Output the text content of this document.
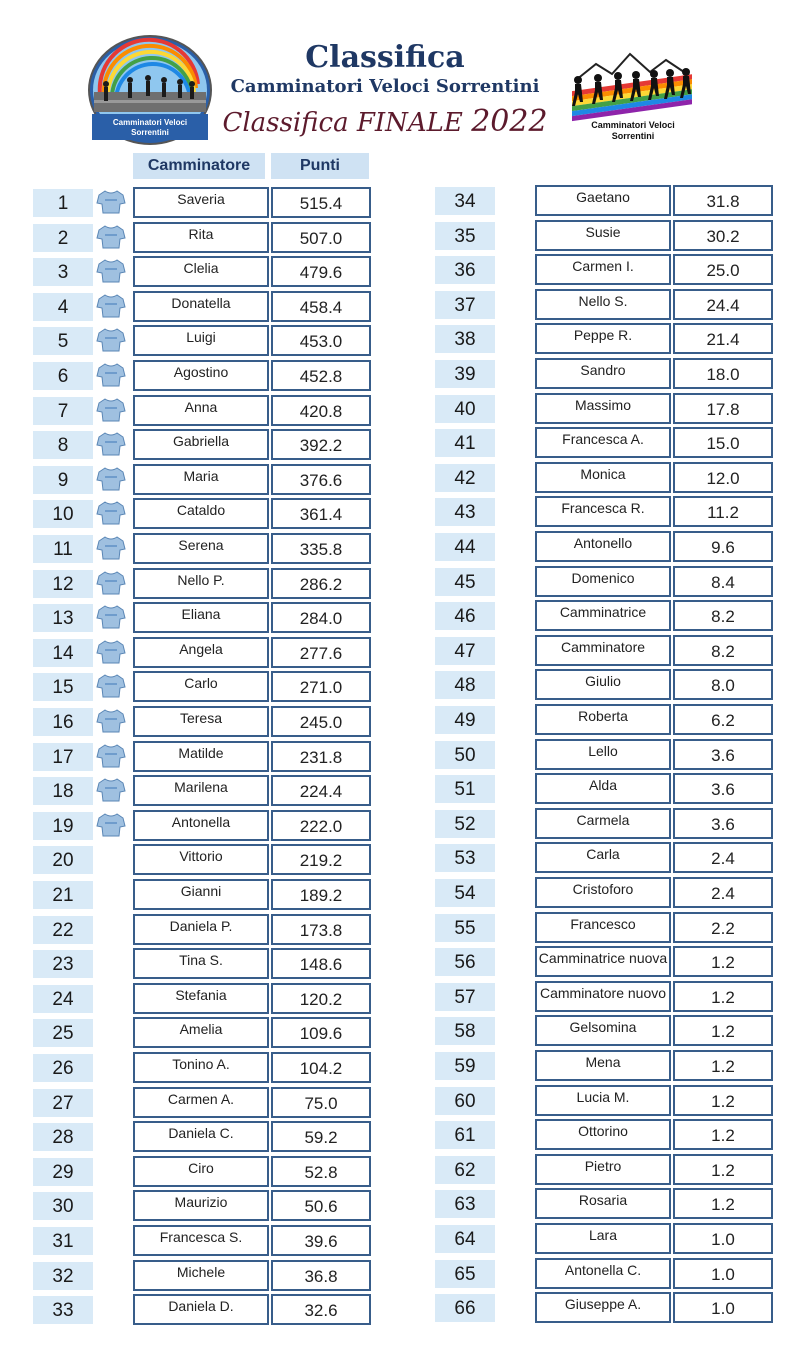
Camminatori Veloci
Sorrentini
Classifica
Camminatori Veloci Sorrentini
Classifica FINALE 2022	Camminatori Veloci
Sorrentini
Camminatore	Punti
1	Saveria	515.4
2	Rita	507.0
3	Clelia	479.6
4	Donatella	458.4
5	Luigi	453.0
6	Agostino	452.8
7	Anna	420.8
8	Gabriella	392.2
9	Maria	376.6
10	Cataldo	361.4
11	Serena	335.8
12	Nello P.	286.2
13	Eliana	284.0
14	Angela	277.6
15	Carlo	271.0
16	Teresa	245.0
17	Matilde	231.8
18	Marilena	224.4
19	Antonella	222.0
20	Vittorio	219.2
21	Gianni	189.2
22	Daniela P.	173.8
23	Tina S.	148.6
24	Stefania	120.2
25	Amelia	109.6
26	Tonino A.	104.2
27	Carmen A.	75.0
28	Daniela C.	59.2
29	Ciro	52.8
30	Maurizio	50.6
31	Francesca S.	39.6
32	Michele	36.8
33	Daniela D.	32.6
34	Gaetano	31.8
35	Susie	30.2
36	Carmen I.	25.0
37	Nello S.	24.4
38	Peppe R.	21.4
39	Sandro	18.0
40	Massimo	17.8
41	Francesca A.	15.0
42	Monica	12.0
43	Francesca R.	11.2
44	Antonello	9.6
45	Domenico	8.4
46	Camminatrice	8.2
47	Camminatore	8.2
48	Giulio	8.0
49	Roberta	6.2
50	Lello	3.6
51	Alda	3.6
52	Carmela	3.6
53	Carla	2.4
54	Cristoforo	2.4
55	Francesco	2.2
56	Camminatrice nuova	1.2
57	Camminatore nuovo	1.2
58	Gelsomina	1.2
59	Mena	1.2
60	Lucia M.	1.2
61	Ottorino	1.2
62	Pietro	1.2
63	Rosaria	1.2
64	Lara	1.0
65	Antonella C.	1.0
66	Giuseppe A.	1.0
